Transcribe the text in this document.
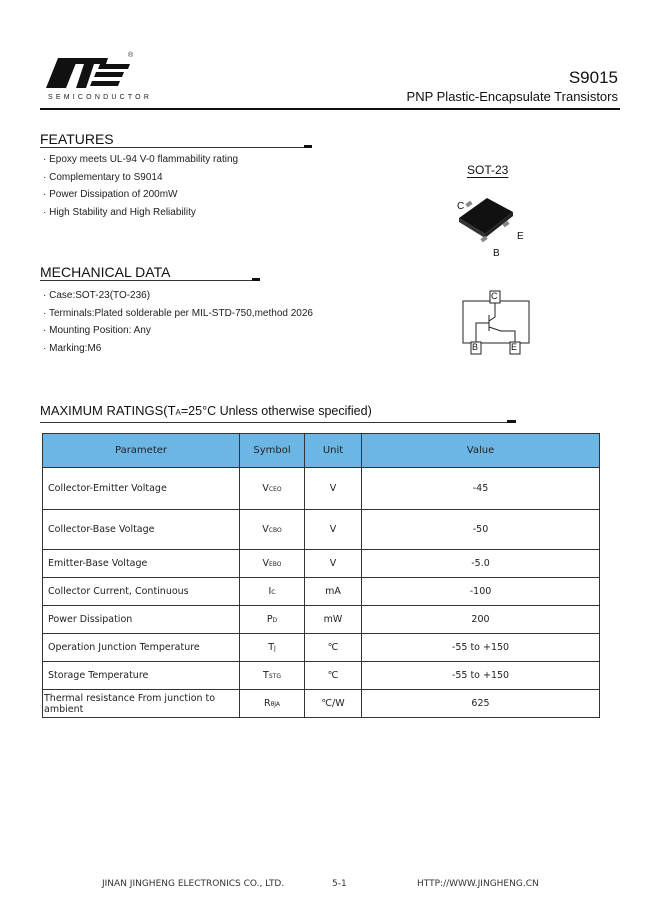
®
SEMICONDUCTOR
S9015
PNP Plastic-Encapsulate Transistors
FEATURES
· Epoxy meets UL-94 V-0 flammability rating
· Complementary to S9014
· Power Dissipation of 200mW
· High Stability and High Reliability
SOT-23
C
E
B
MECHANICAL DATA
· Case:SOT-23(TO-236)
· Terminals:Plated solderable per MIL-STD-750,method 2026
· Mounting Position: Any
· Marking:M6
C
B	E
MAXIMUM RATINGS(TA=25°C Unless otherwise specified)
Parameter	Symbol	Unit	Value
Collector-Emitter Voltage	VCEO	V	-45
Collector-Base Voltage	VCBO	V	-50
Emitter-Base Voltage	VEBO	V	-5.0
Collector Current, Continuous	IC	mA	-100
Power Dissipation	PD	mW	200
Operation Junction Temperature	TJ	℃	-55 to +150
Storage Temperature	TSTG	℃	-55 to +150
Thermal resistance From junction to ambient	RθJA	℃/W	625
JINAN JINGHENG ELECTRONICS CO., LTD.	5-1	HTTP://WWW.JINGHENG.CN
